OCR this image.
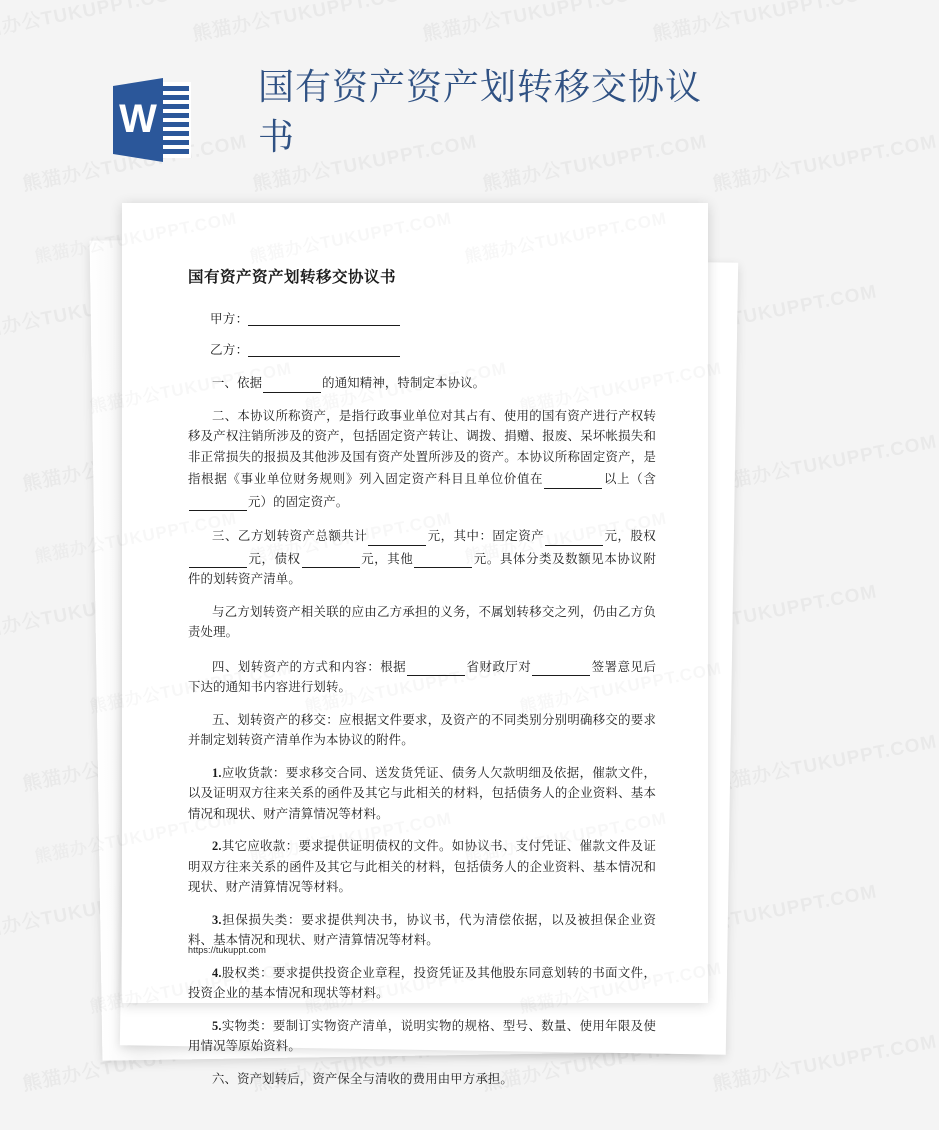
W
国有资产资产划转移交协议书
国有资产资产划转移交协议书
甲方：
乙方：

一、依据	的通知精神，特制定本协议。

二、本协议所称资产，是指行政事业单位对其占有、使用的国有资产进行产权转移及产权注销所涉及的资产，包括固定资产转让、调拨、捐赠、报废、呆坏帐损失和非正常损失的报损及其他涉及国有资产处置所涉及的资产。本协议所称固定资产，是指根据《事业单位财务规则》列入固定资产科目且单位价值在	以上（含 元）的固定资产。

三、乙方划转资产总额共计	元，其中：固定资产	元，股权 元，债权	元，其他	元。具体分类及数额见本协议附件的划转资产清单。

与乙方划转资产相关联的应由乙方承担的义务，不属划转移交之列，仍由乙方负责处理。

四、划转资产的方式和内容：根据	省财政厅对	签署意见后下达的通知书内容进行划转。

五、划转资产的移交：应根据文件要求，及资产的不同类别分别明确移交的要求并制定划转资产清单作为本协议的附件。

1.应收货款：要求移交合同、送发货凭证、债务人欠款明细及依据，催款文件，以及证明双方往来关系的函件及其它与此相关的材料，包括债务人的企业资料、基本情况和现状、财产清算情况等材料。

2.其它应收款：要求提供证明债权的文件。如协议书、支付凭证、催款文件及证明双方往来关系的函件及其它与此相关的材料，包括债务人的企业资料、基本情况和现状、财产清算情况等材料。

3.担保损失类：要求提供判决书，协议书，代为清偿依据，以及被担保企业资料、基本情况和现状、财产清算情况等材料。

4.股权类：要求提供投资企业章程，投资凭证及其他股东同意划转的书面文件，投资企业的基本情况和现状等材料。

5.实物类：要制订实物资产清单，说明实物的规格、型号、数量、使用年限及使用情况等原始资料。

六、资产划转后，资产保全与清收的费用由甲方承担。

https://tukuppt.com
